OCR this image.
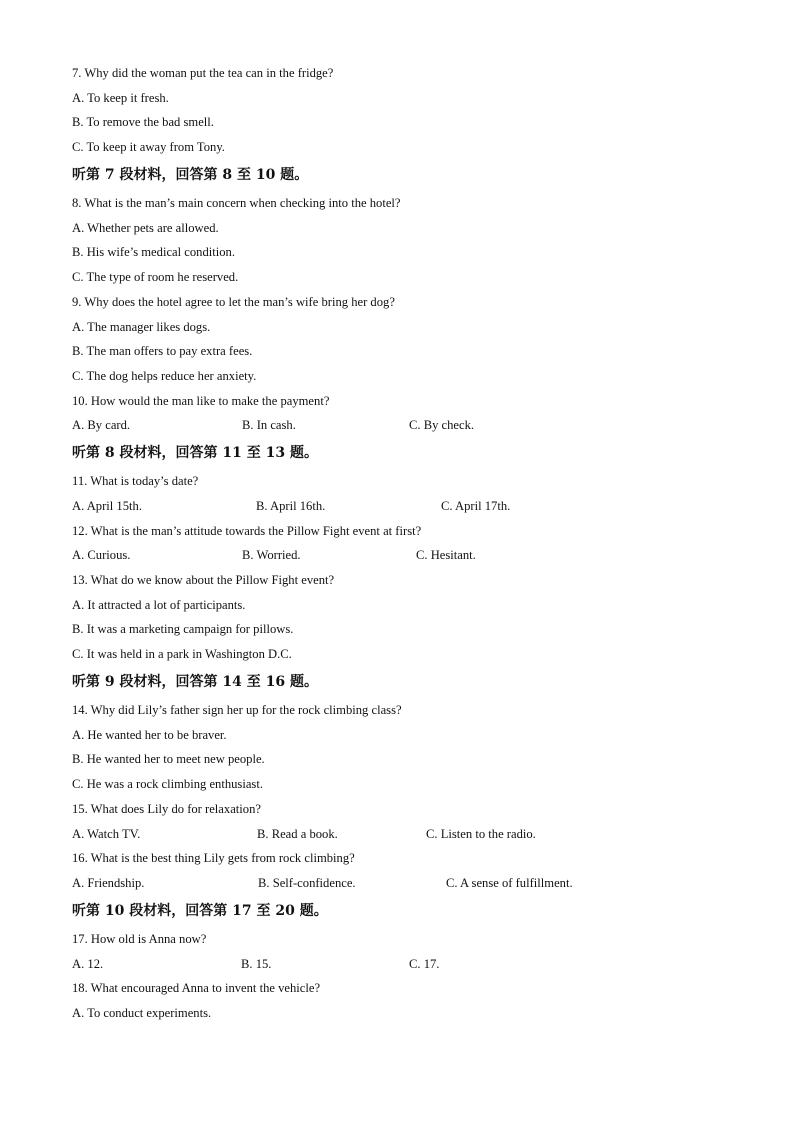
7. Why did the woman put the tea can in the fridge?
A. To keep it fresh.
B. To remove the bad smell.
C. To keep it away from Tony.
听第 7 段材料，回答第 8 至 10 题。
8. What is the man’s main concern when checking into the hotel?
A. Whether pets are allowed.
B. His wife’s medical condition.
C. The type of room he reserved.
9. Why does the hotel agree to let the man’s wife bring her dog?
A. The manager likes dogs.
B. The man offers to pay extra fees.
C. The dog helps reduce her anxiety.
10. How would the man like to make the payment?
A. By card.	B. In cash.	C. By check.
听第 8 段材料，回答第 11 至 13 题。
11. What is today’s date?
A. April 15th.	B. April 16th.	C. April 17th.
12. What is the man’s attitude towards the Pillow Fight event at first?
A. Curious.	B. Worried.	C. Hesitant.
13. What do we know about the Pillow Fight event?
A. It attracted a lot of participants.
B. It was a marketing campaign for pillows.
C. It was held in a park in Washington D.C.
听第 9 段材料，回答第 14 至 16 题。
14. Why did Lily’s father sign her up for the rock climbing class?
A. He wanted her to be braver.
B. He wanted her to meet new people.
C. He was a rock climbing enthusiast.
15. What does Lily do for relaxation?
A. Watch TV.	B. Read a book.	C. Listen to the radio.
16. What is the best thing Lily gets from rock climbing?
A. Friendship.	B. Self-confidence.	C. A sense of fulfillment.
听第 10 段材料，回答第 17 至 20 题。
17. How old is Anna now?
A. 12.	B. 15.	C. 17.
18. What encouraged Anna to invent the vehicle?
A. To conduct experiments.
